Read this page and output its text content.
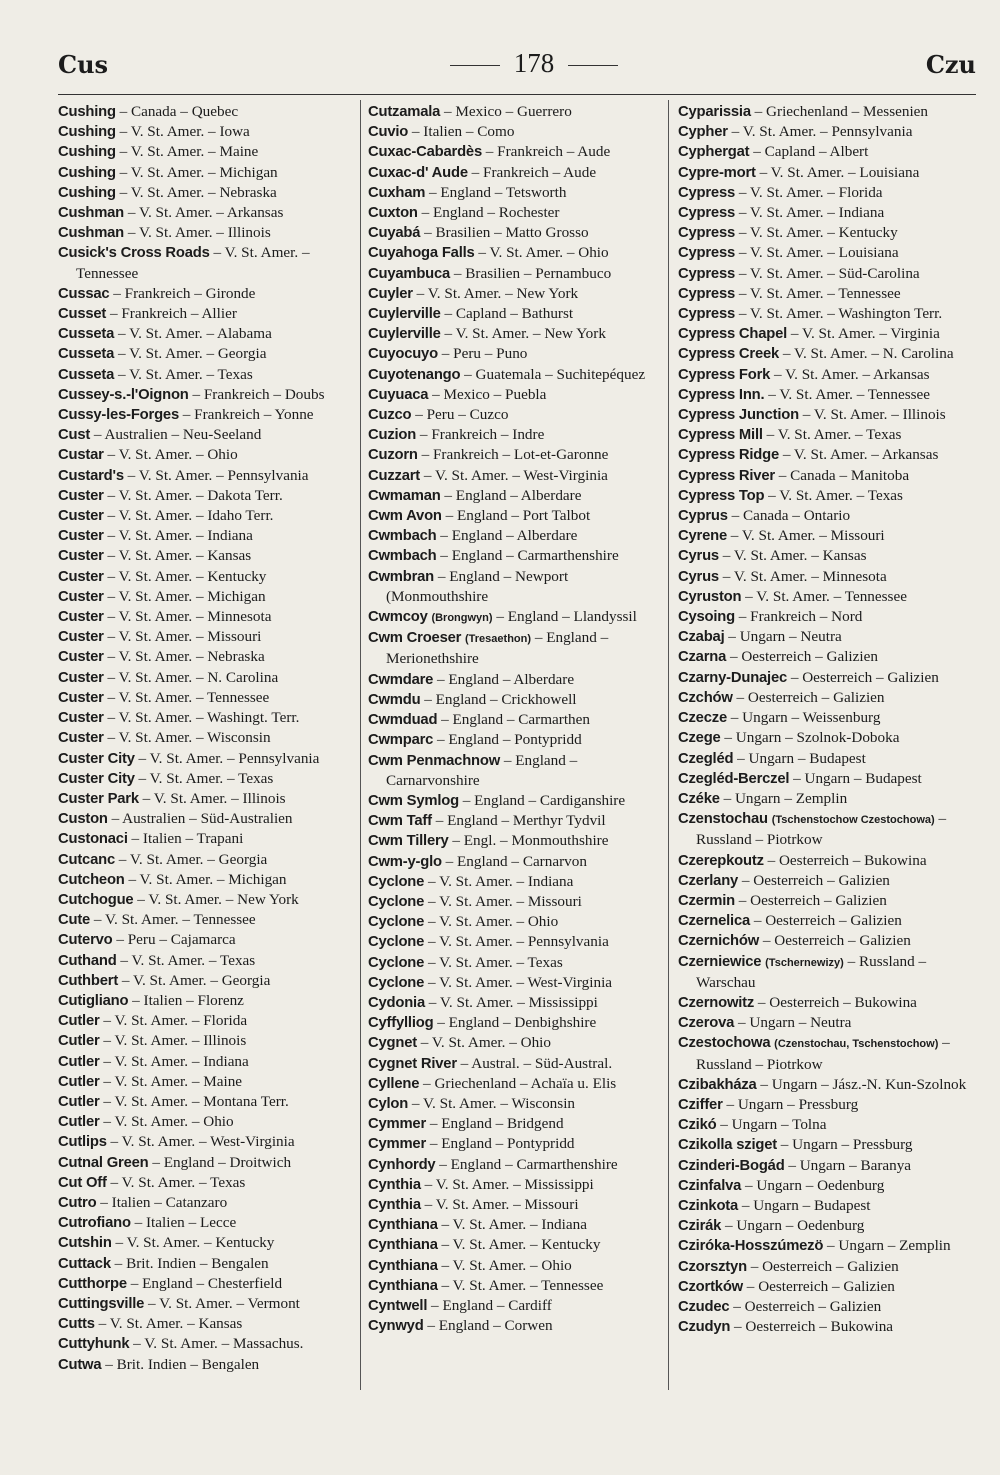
Cus	178	Czu
Cushing – Canada – Quebec
Cushing – V. St. Amer. – Iowa
Cushing – V. St. Amer. – Maine
Cushing – V. St. Amer. – Michigan
Cushing – V. St. Amer. – Nebraska
Cushman – V. St. Amer. – Arkansas
Cushman – V. St. Amer. – Illinois
Cusick's Cross Roads – V. St. Amer. – Tennessee
Cussac – Frankreich – Gironde
Cusset – Frankreich – Allier
Cusseta – V. St. Amer. – Alabama
Cusseta – V. St. Amer. – Georgia
Cusseta – V. St. Amer. – Texas
Cussey-s.-l'Oignon – Frankreich – Doubs
Cussy-les-Forges – Frankreich – Yonne
Cust – Australien – Neu-Seeland
Custar – V. St. Amer. – Ohio
Custard's – V. St. Amer. – Pennsylvania
Custer – V. St. Amer. – Dakota Terr.
Custer – V. St. Amer. – Idaho Terr.
Custer – V. St. Amer. – Indiana
Custer – V. St. Amer. – Kansas
Custer – V. St. Amer. – Kentucky
Custer – V. St. Amer. – Michigan
Custer – V. St. Amer. – Minnesota
Custer – V. St. Amer. – Missouri
Custer – V. St. Amer. – Nebraska
Custer – V. St. Amer. – N. Carolina
Custer – V. St. Amer. – Tennessee
Custer – V. St. Amer. – Washingt. Terr.
Custer – V. St. Amer. – Wisconsin
Custer City – V. St. Amer. – Pennsylvania
Custer City – V. St. Amer. – Texas
Custer Park – V. St. Amer. – Illinois
Custon – Australien – Süd-Australien
Custonaci – Italien – Trapani
Cutcanc – V. St. Amer. – Georgia
Cutcheon – V. St. Amer. – Michigan
Cutchogue – V. St. Amer. – New York
Cute – V. St. Amer. – Tennessee
Cutervo – Peru – Cajamarca
Cuthand – V. St. Amer. – Texas
Cuthbert – V. St. Amer. – Georgia
Cutigliano – Italien – Florenz
Cutler – V. St. Amer. – Florida
Cutler – V. St. Amer. – Illinois
Cutler – V. St. Amer. – Indiana
Cutler – V. St. Amer. – Maine
Cutler – V. St. Amer. – Montana Terr.
Cutler – V. St. Amer. – Ohio
Cutlips – V. St. Amer. – West-Virginia
Cutnal Green – England – Droitwich
Cut Off – V. St. Amer. – Texas
Cutro – Italien – Catanzaro
Cutrofiano – Italien – Lecce
Cutshin – V. St. Amer. – Kentucky
Cuttack – Brit. Indien – Bengalen
Cutthorpe – England – Chesterfield
Cuttingsville – V. St. Amer. – Vermont
Cutts – V. St. Amer. – Kansas
Cuttyhunk – V. St. Amer. – Massachus.
Cutwa – Brit. Indien – Bengalen
Cutzamala – Mexico – Guerrero
Cuvio – Italien – Como
Cuxac-Cabardès – Frankreich – Aude
Cuxac-d' Aude – Frankreich – Aude
Cuxham – England – Tetsworth
Cuxton – England – Rochester
Cuyabá – Brasilien – Matto Grosso
Cuyahoga Falls – V. St. Amer. – Ohio
Cuyambuca – Brasilien – Pernambuco
Cuyler – V. St. Amer. – New York
Cuylerville – Capland – Bathurst
Cuylerville – V. St. Amer. – New York
Cuyocuyo – Peru – Puno
Cuyotenango – Guatemala – Suchitepéquez
Cuyuaca – Mexico – Puebla
Cuzco – Peru – Cuzco
Cuzion – Frankreich – Indre
Cuzorn – Frankreich – Lot-et-Garonne
Cuzzart – V. St. Amer. – West-Virginia
Cwmaman – England – Alberdare
Cwm Avon – England – Port Talbot
Cwmbach – England – Alberdare
Cwmbach – England – Carmarthenshire
Cwmbran – England – Newport (Monmouthshire
Cwmcoy (Brongwyn) – England – Llandyssil
Cwm Croeser (Tresaethon) – England – Merionethshire
Cwmdare – England – Alberdare
Cwmdu – England – Crickhowell
Cwmduad – England – Carmarthen
Cwmparc – England – Pontypridd
Cwm Penmachnow – England – Carnarvonshire
Cwm Symlog – England – Cardiganshire
Cwm Taff – England – Merthyr Tydvil
Cwm Tillery – Engl. – Monmouthshire
Cwm-y-glo – England – Carnarvon
Cyclone – V. St. Amer. – Indiana
Cyclone – V. St. Amer. – Missouri
Cyclone – V. St. Amer. – Ohio
Cyclone – V. St. Amer. – Pennsylvania
Cyclone – V. St. Amer. – Texas
Cyclone – V. St. Amer. – West-Virginia
Cydonia – V. St. Amer. – Mississippi
Cyffylliog – England – Denbighshire
Cygnet – V. St. Amer. – Ohio
Cygnet River – Austral. – Süd-Austral.
Cyllene – Griechenland – Achaïa u. Elis
Cylon – V. St. Amer. – Wisconsin
Cymmer – England – Bridgend
Cymmer – England – Pontypridd
Cynhordy – England – Carmarthenshire
Cynthia – V. St. Amer. – Mississippi
Cynthia – V. St. Amer. – Missouri
Cynthiana – V. St. Amer. – Indiana
Cynthiana – V. St. Amer. – Kentucky
Cynthiana – V. St. Amer. – Ohio
Cynthiana – V. St. Amer. – Tennessee
Cyntwell – England – Cardiff
Cynwyd – England – Corwen
Cyparissia – Griechenland – Messenien
Cypher – V. St. Amer. – Pennsylvania
Cyphergat – Capland – Albert
Cypre-mort – V. St. Amer. – Louisiana
Cypress – V. St. Amer. – Florida
Cypress – V. St. Amer. – Indiana
Cypress – V. St. Amer. – Kentucky
Cypress – V. St. Amer. – Louisiana
Cypress – V. St. Amer. – Süd-Carolina
Cypress – V. St. Amer. – Tennessee
Cypress – V. St. Amer. – Washington Terr.
Cypress Chapel – V. St. Amer. – Virginia
Cypress Creek – V. St. Amer. – N. Carolina
Cypress Fork – V. St. Amer. – Arkansas
Cypress Inn. – V. St. Amer. – Tennessee
Cypress Junction – V. St. Amer. – Illinois
Cypress Mill – V. St. Amer. – Texas
Cypress Ridge – V. St. Amer. – Arkansas
Cypress River – Canada – Manitoba
Cypress Top – V. St. Amer. – Texas
Cyprus – Canada – Ontario
Cyrene – V. St. Amer. – Missouri
Cyrus – V. St. Amer. – Kansas
Cyrus – V. St. Amer. – Minnesota
Cyruston – V. St. Amer. – Tennessee
Cysoing – Frankreich – Nord
Czabaj – Ungarn – Neutra
Czarna – Oesterreich – Galizien
Czarny-Dunajec – Oesterreich – Galizien
Czchów – Oesterreich – Galizien
Czecze – Ungarn – Weissenburg
Czege – Ungarn – Szolnok-Doboka
Czegléd – Ungarn – Budapest
Czegléd-Berczel – Ungarn – Budapest
Czéke – Ungarn – Zemplin
Czenstochau (Tschenstochow Czestochowa) – Russland – Piotrkow
Czerepkoutz – Oesterreich – Bukowina
Czerlany – Oesterreich – Galizien
Czermin – Oesterreich – Galizien
Czernelica – Oesterreich – Galizien
Czernichów – Oesterreich – Galizien
Czerniewice (Tschernewizy) – Russland – Warschau
Czernowitz – Oesterreich – Bukowina
Czerova – Ungarn – Neutra
Czestochowa (Czenstochau, Tschenstochow) – Russland – Piotrkow
Czibakháza – Ungarn – Jász.-N. Kun-Szolnok
Cziffer – Ungarn – Pressburg
Czikó – Ungarn – Tolna
Czikolla sziget – Ungarn – Pressburg
Czinderi-Bogád – Ungarn – Baranya
Czinfalva – Ungarn – Oedenburg
Czinkota – Ungarn – Budapest
Czirák – Ungarn – Oedenburg
Cziróka-Hosszúmezö – Ungarn – Zemplin
Czorsztyn – Oesterreich – Galizien
Czortków – Oesterreich – Galizien
Czudec – Oesterreich – Galizien
Czudyn – Oesterreich – Bukowina
